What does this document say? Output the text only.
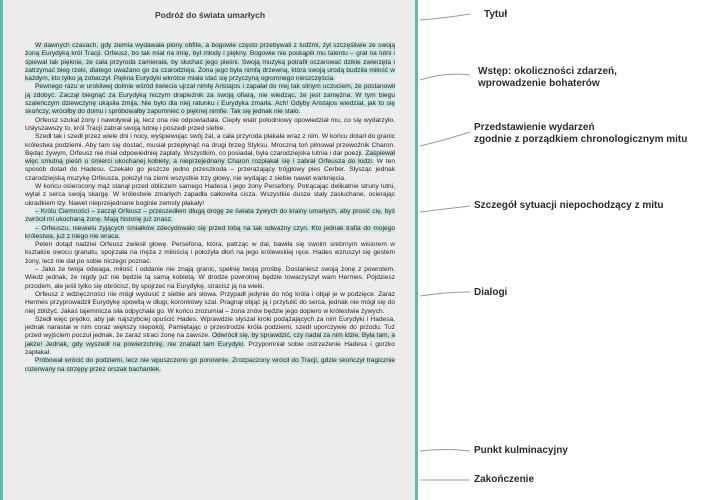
Podróż do świata umarłych

W dawnych czasach, gdy ziemia wydawała plony obfite, a bogowie często przebywali z ludźmi, żył szczęśliwie ze swoją żoną Eurydyką król Tracji. Orfeusz, bo tak miał na imię, był młody i piękny. Bogowie nie poskąpili mu talentu – grał na lutni i śpiewał tak pięknie, że cała przyroda zamierała, by słuchać jego pieśni. Swoją muzyką potrafił oczarować dzikie zwierzęta i zatrzymać bieg rzeki, dlatego uważano go za czarodzieja. Żona jego była nimfą drzewną, która swoją urodą budziła miłość w każdym, kto tylko ją zobaczył. Piękna Eurydyki wkrótce miała stać się przyczyną ogromnego nieszczęścia.

Pewnego razu w urokliwej dolinie wśród kwiecia ujrzał nimfę Aristajos i zapałał do niej tak silnym uczuciem, że postanowił ją zdobyć. Zaczął biegnąć za Eurydyką niczym drapieżnik za swoją ofiarą, nie wiedząc, że jest zamężna. W tym biegu szaleńczym dziewczynę ukąsiła żmija. Nie było dla niej ratunku i Eurydyka zmarła. Ach! Gdyby Aristajos wiedział, jak to się skończy, wróciłby do domu i spróbowałby zapomnieć o pięknej nimfie. Tak się jednak nie stało.

Orfeusz szukał żony i nawoływał ją, lecz ona nie odpowiadała. Ciepły wiatr południowy opowiedział mu, co się wydarzyło. Usłyszawszy to, król Tracji zabrał swoją lutnię i poszedł przed siebie.

Szedł tak i szedł przez wiele dni i nocy, wyśpiewując swój żal, a cała przyroda płakała wraz z nim. W końcu dotarł do granic królestwa podziemi. Aby tam się dostać, musiał przepłynąć na drugi brzeg Styksu. Mroczną toń pilnował przewoźnik Charon. Będąc żywym, Orfeusz nie miał odpowiedniej zapłaty. Wszystkim, co posiadał, była czarodziejska lutnia i dar poezji. Zaśpiewał więc smutną pieśń o śmierci ukochanej kobiety, a nieprzejednany Charon rozpłakał się i zabrał Orfeusza do łodzi. W ten sposób dotarł do Hadesu. Czekało go jeszcze jedno przeszkoda – przerażający trójgłowy pies Cerber. Słysząc jednak czarodziejską muzykę Orfeusza, położył na ziemi wszystkie trzy głowy, nie wydając z siebie nawet warknięcia.

W końcu osierocony mąż stanął przed obliczem samego Hadesa i jego żony Persefony. Potrącając delikatnie struny lutni, wylał z serca swoją skargę. W królestwie zmarłych zapadła całkowita cisza. Wszystkie dusze stały zasłuchane, ocierając ukradkiem łzy. Nawet nieprzejednane boginie zemsty płakały!

– Królu Ciemności – zaczął Orfeusz – przeszedłem długą drogę ze świata żywych do krainy umarłych, aby prosić cię, byś zwrócił mi ukochaną żonę. Mają historię już znasz.

– Orfeuszu, niewielu żyjących śmiałków zdecydowało się przed tobą na tak odważny czyn. Kto jednak trafia do mojego królestwa, już z niego nie wraca.

Peten dotąd nadziei Orfeusz zwiesił głowę. Persefona, która, patrząc w dal, bawiła się swoim srebrnym wisiorem w kształcie owocu granatu, spojrzała na męża z miłością i położyła dłoń na jego królewskiej ręce. Hades wzruszył się gestem żony, lecz nie dał po sobie niczego poznać.

– Jako że twoja odwaga, miłość i oddanie nie znają granic, spełnię twoją prośbę. Dostaniesz swoją żonę z powrotem. Wiedz jednak, że nigdy już nie będzie tą samą kobietą. W drodze powrotnej będzie towarzyszył wam Hermes. Pójdziesz przodem, ale jeśli tylko się obrócisz, by spojrzeć na Eurydykę, stracisz ją na wieki.

Orfeusz z wdzięczności nie mógł wydusić z siebie ani słowa. Przypadł jedynie do nóg króla i objął je w podzięce. Zaraz Hermes przyprowadził Eurydykę spowitą w długi, koronkowy szal. Pragnął objąć ją i przytulić do serca, jednak nie mógł się do niej zbliżyć. Jakaś tajemnicza siła odpychała go. W końcu zrozumiał – żona znów będzie jego dopiero w królestwie żywych.

Szedł więc prędko, aby jak najszybciej opuścić Hades. Wprawdzie słyszał kroki podążających za nim Eurydyki i Hadesa, jednak narastał w nim coraz większy niepokój. Pamiętając o przestrodze króla podziemi, szedł uporczywie do przodu. Tuż przed wyjściem poczuł jednak, że zaraz straci żonę na zawsze. Odwrócił się, by sprawdzić, czy nadal za nim idzie. Była tam, a jakże! Jednak, gdy wyszedł na powierzchnię, nie znalazł tam Eurydyki. Przypomniał sobie ostrzeżenie Hadesa i gorzko zapłakał.

Próbował wrócić do podziemi, lecz nie wpuszczono go ponownie. Zrozpaczony wrócił do Tracji, gdzie skończył tragicznie rozerwany na strzępy przez orszak bachantek.

Tytuł
Wstęp: okoliczności zdarzeń,
wprowadzenie bohaterów
Przedstawienie wydarzeń
zgodnie z porządkiem chronologicznym mitu
Szczegół sytuacji niepochodzący z mitu
Dialogi
Punkt kulminacyjny
Zakończenie
